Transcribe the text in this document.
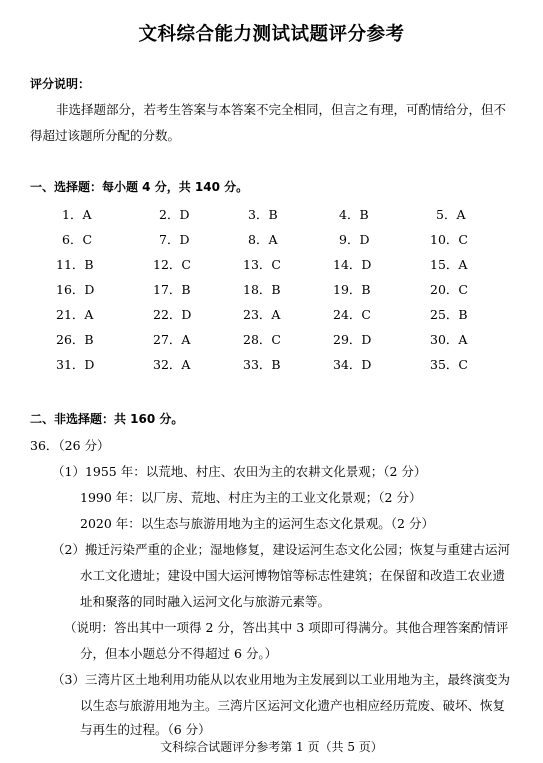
文科综合能力测试试题评分参考
评分说明：
非选择题部分，若考生答案与本答案不完全相同，但言之有理，可酌情给分，但不
得超过该题所分配的分数。
一、选择题：每小题 4 分，共 140 分。
1．A	2．D	3．B	4．B	5．A
6．C	7．D	8．A	9．D	10．C
11．B	12．C	13．C	14．D	15．A
16．D	17．B	18．B	19．B	20．C
21．A	22．D	23．A	24．C	25．B
26．B	27．A	28．C	29．D	30．A
31．D	32．A	33．B	34．D	35．C
二、非选择题：共 160 分。
36．（26 分）
（1）1955 年：以荒地、村庄、农田为主的农耕文化景观；（2 分）
1990 年：以厂房、荒地、村庄为主的工业文化景观；（2 分）
2020 年：以生态与旅游用地为主的运河生态文化景观。（2 分）
（2）搬迁污染严重的企业；湿地修复，建设运河生态文化公园；恢复与重建古运河
水工文化遗址；建设中国大运河博物馆等标志性建筑；在保留和改造工农业遗
址和聚落的同时融入运河文化与旅游元素等。
（说明：答出其中一项得 2 分，答出其中 3 项即可得满分。其他合理答案酌情评
分，但本小题总分不得超过 6 分。）
（3）三湾片区土地利用功能从以农业用地为主发展到以工业用地为主，最终演变为
以生态与旅游用地为主。三湾片区运河文化遗产也相应经历荒废、破坏、恢复
与再生的过程。（6 分）
文科综合试题评分参考第 1 页（共 5 页）
